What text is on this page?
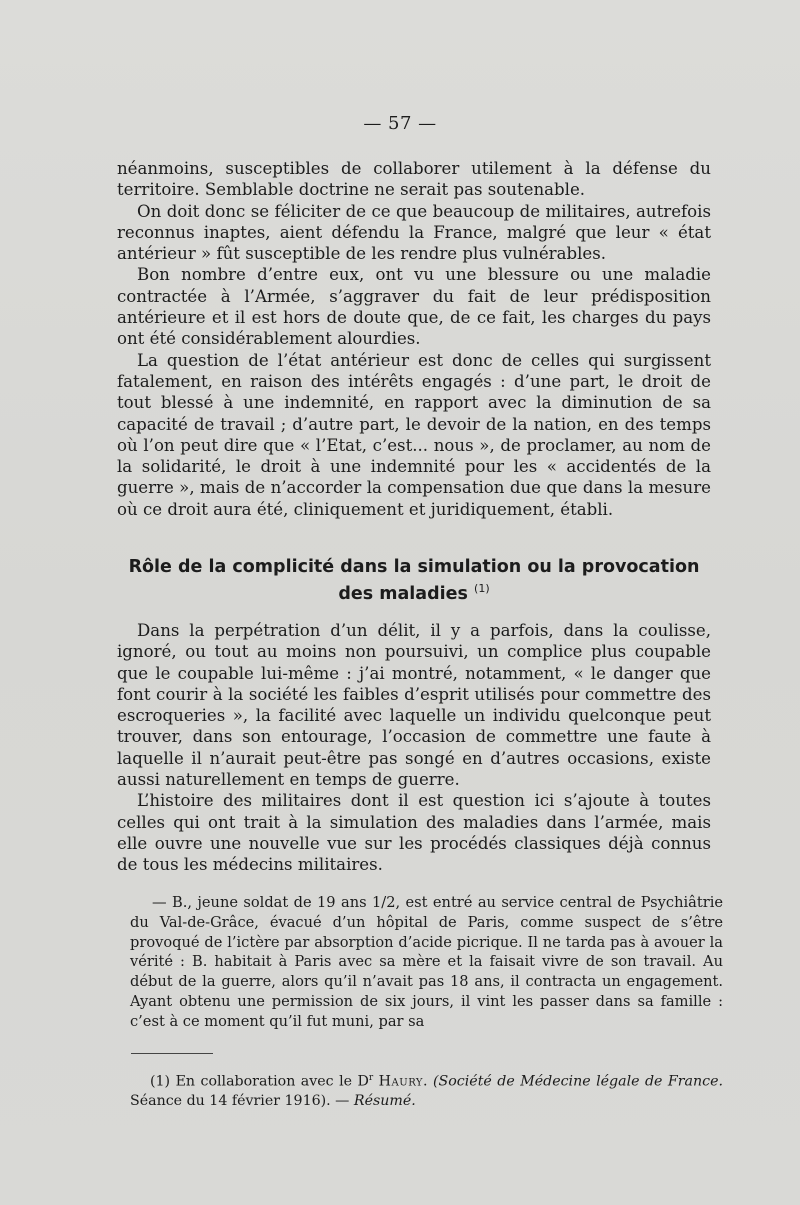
— 57 —

néanmoins, susceptibles de collaborer utilement à la défense du territoire. Semblable doctrine ne serait pas soutenable.

On doit donc se féliciter de ce que beaucoup de militaires, autrefois reconnus inaptes, aient défendu la France, malgré que leur « état antérieur » fût susceptible de les rendre plus vulnérables.

Bon nombre d’entre eux, ont vu une blessure ou une maladie contractée à l’Armée, s’aggraver du fait de leur prédisposition antérieure et il est hors de doute que, de ce fait, les charges du pays ont été considérablement alourdies.

La question de l’état antérieur est donc de celles qui surgissent fatalement, en raison des intérêts engagés : d’une part, le droit de tout blessé à une indemnité, en rapport avec la diminution de sa capacité de travail ; d’autre part, le devoir de la nation, en des temps où l’on peut dire que « l’Etat, c’est... nous », de proclamer, au nom de la solidarité, le droit à une indemnité pour les « accidentés de la guerre », mais de n’accorder la compensation due que dans la mesure où ce droit aura été, cliniquement et juridiquement, établi.

Rôle de la complicité dans la simulation ou la provocation
des maladies $^{(1)}$

Dans la perpétration d’un délit, il y a parfois, dans la coulisse, ignoré, ou tout au moins non poursuivi, un complice plus coupable que le coupable lui-même : j’ai montré, notamment, « le danger que font courir à la société les faibles d’esprit utilisés pour commettre des escroqueries », la facilité avec laquelle un individu quelconque peut trouver, dans son entourage, l’occasion de commettre une faute à laquelle il n’aurait peut-être pas songé en d’autres occasions, existe aussi naturellement en temps de guerre.

L’histoire des militaires dont il est question ici s’ajoute à toutes celles qui ont trait à la simulation des maladies dans l’armée, mais elle ouvre une nouvelle vue sur les procédés classiques déjà connus de tous les médecins militaires.

— B., jeune soldat de 19 ans 1/2, est entré au service central de Psychiâtrie du Val-de-Grâce, évacué d’un hôpital de Paris, comme suspect de s’être provoqué de l’ictère par absorption d’acide picrique. Il ne tarda pas à avouer la vérité : B. habitait à Paris avec sa mère et la faisait vivre de son travail. Au début de la guerre, alors qu’il n’avait pas 18 ans, il contracta un engagement. Ayant obtenu une permission de six jours, il vint les passer dans sa famille : c’est à ce moment qu’il fut muni, par sa

(1) En collaboration avec le $D^r$ Haury. (Société de Médecine légale de France. Séance du 14 février 1916). — Résumé.
